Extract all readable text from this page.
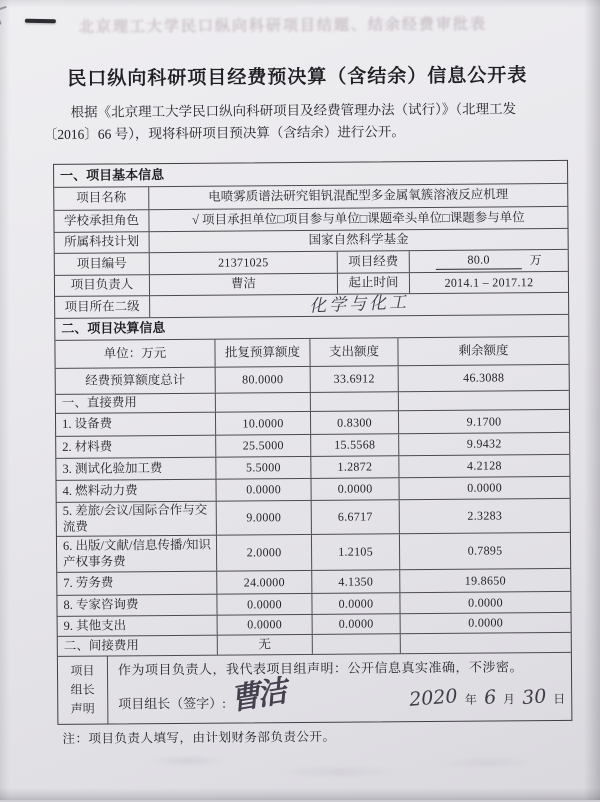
北京理工大学民口纵向科研项目结题、结余经费审批表
民口纵向科研项目经费预决算（含结余）信息公开表
根据《北京理工大学民口纵向科研项目及经费管理办法（试行）》（北理工发
〔2016〕66 号），现将科研项目预决算（含结余）进行公开。
一、项目基本信息
项目名称	电喷雾质谱法研究钼钒混配型多金属氧簇溶液反应机理
学校承担角色	√ 项目承担单位□项目参与单位□课题牵头单位□课题参与单位
所属科技计划	国家自然科学基金
项目编号	21371025	项目经费	80.0	万
项目负责人	曹洁	起止时间	2014.1 – 2017.12
项目所在二级	化学与化工
二、项目决算信息
单位：万元	批复预算额度	支出额度	剩余额度
经费预算额度总计	80.0000	33.6912	46.3088
一、直接费用
1. 设备费	10.0000	0.8300	9.1700
2. 材料费	25.5000	15.5568	9.9432
3. 测试化验加工费	5.5000	1.2872	4.2128
4. 燃料动力费	0.0000	0.0000	0.0000
5. 差旅/会议/国际合作与交流费
9.0000	6.6717	2.3283
6. 出版/文献/信息传播/知识产权事务费
2.0000	1.2105	0.7895
7. 劳务费	24.0000	4.1350	19.8650
8. 专家咨询费	0.0000	0.0000	0.0000
9. 其他支出	0.0000	0.0000	0.0000
二、间接费用	无
项目
组长
声明
作为项目负责人，我代表项目组声明：公开信息真实准确，不涉密。
项目组长（签字）: 曹洁	2020 年 6 月 30 日
注：项目负责人填写，由计划财务部负责公开。
